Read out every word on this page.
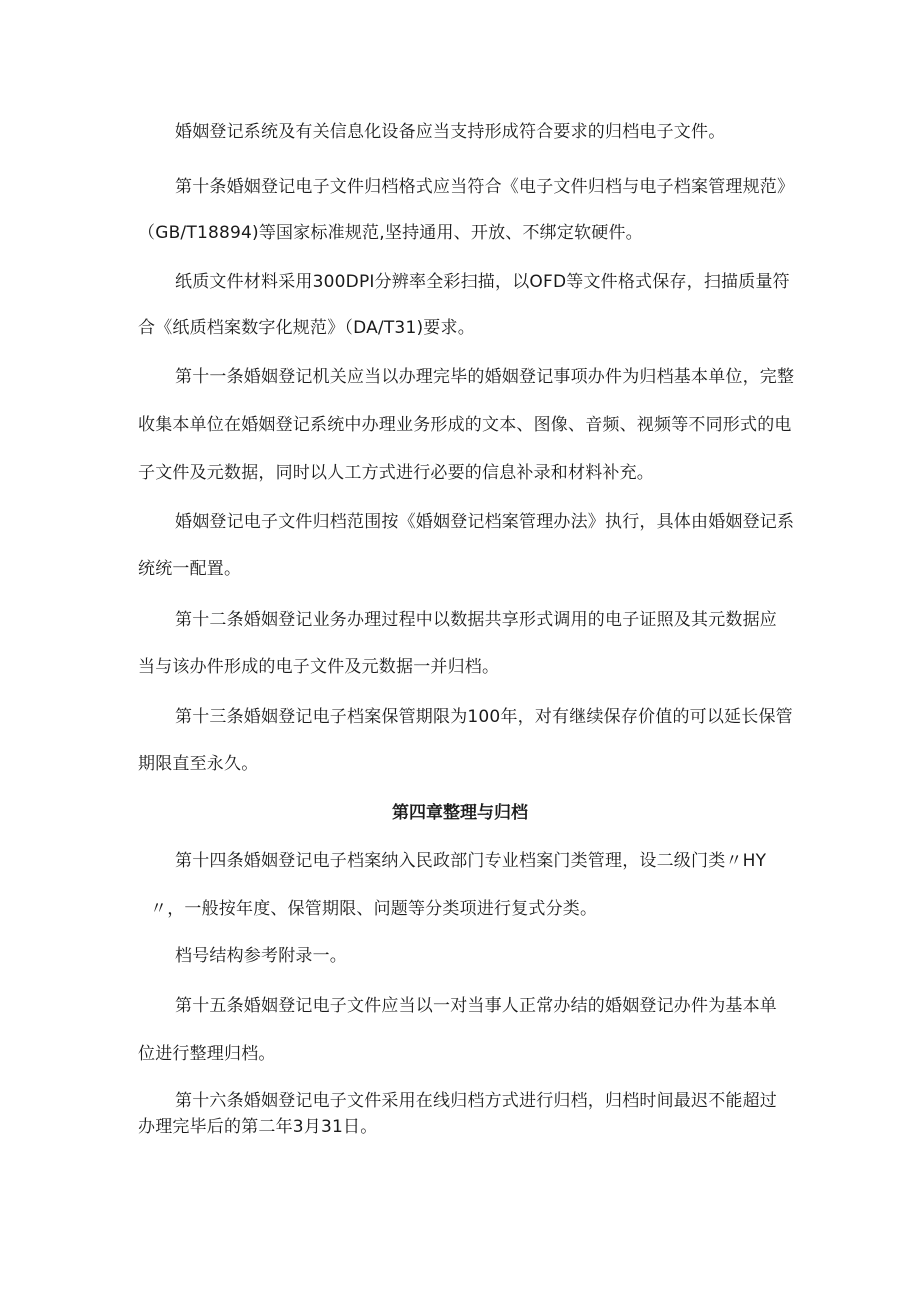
婚姻登记系统及有关信息化设备应当支持形成符合要求的归档电子文件。
第十条婚姻登记电子文件归档格式应当符合《电子文件归档与电子档案管理规范》
（GB/T18894)等国家标准规范,坚持通用、开放、不绑定软硬件。
纸质文件材料采用300DPI分辨率全彩扫描，以OFD等文件格式保存，扫描质量符
合《纸质档案数字化规范》（DA/T31)要求。
第十一条婚姻登记机关应当以办理完毕的婚姻登记事项办件为归档基本单位，完整
收集本单位在婚姻登记系统中办理业务形成的文本、图像、音频、视频等不同形式的电
子文件及元数据，同时以人工方式进行必要的信息补录和材料补充。
婚姻登记电子文件归档范围按《婚姻登记档案管理办法》执行，具体由婚姻登记系
统统一配置。
第十二条婚姻登记业务办理过程中以数据共享形式调用的电子证照及其元数据应
当与该办件形成的电子文件及元数据一并归档。
第十三条婚姻登记电子档案保管期限为100年，对有继续保存价值的可以延长保管
期限直至永久。
第四章整理与归档
第十四条婚姻登记电子档案纳入民政部门专业档案门类管理，设二级门类〃HY
〃，一般按年度、保管期限、问题等分类项进行复式分类。
档号结构参考附录一。
第十五条婚姻登记电子文件应当以一对当事人正常办结的婚姻登记办件为基本单
位进行整理归档。
第十六条婚姻登记电子文件采用在线归档方式进行归档，归档时间最迟不能超过
办理完毕后的第二年3月31日。
